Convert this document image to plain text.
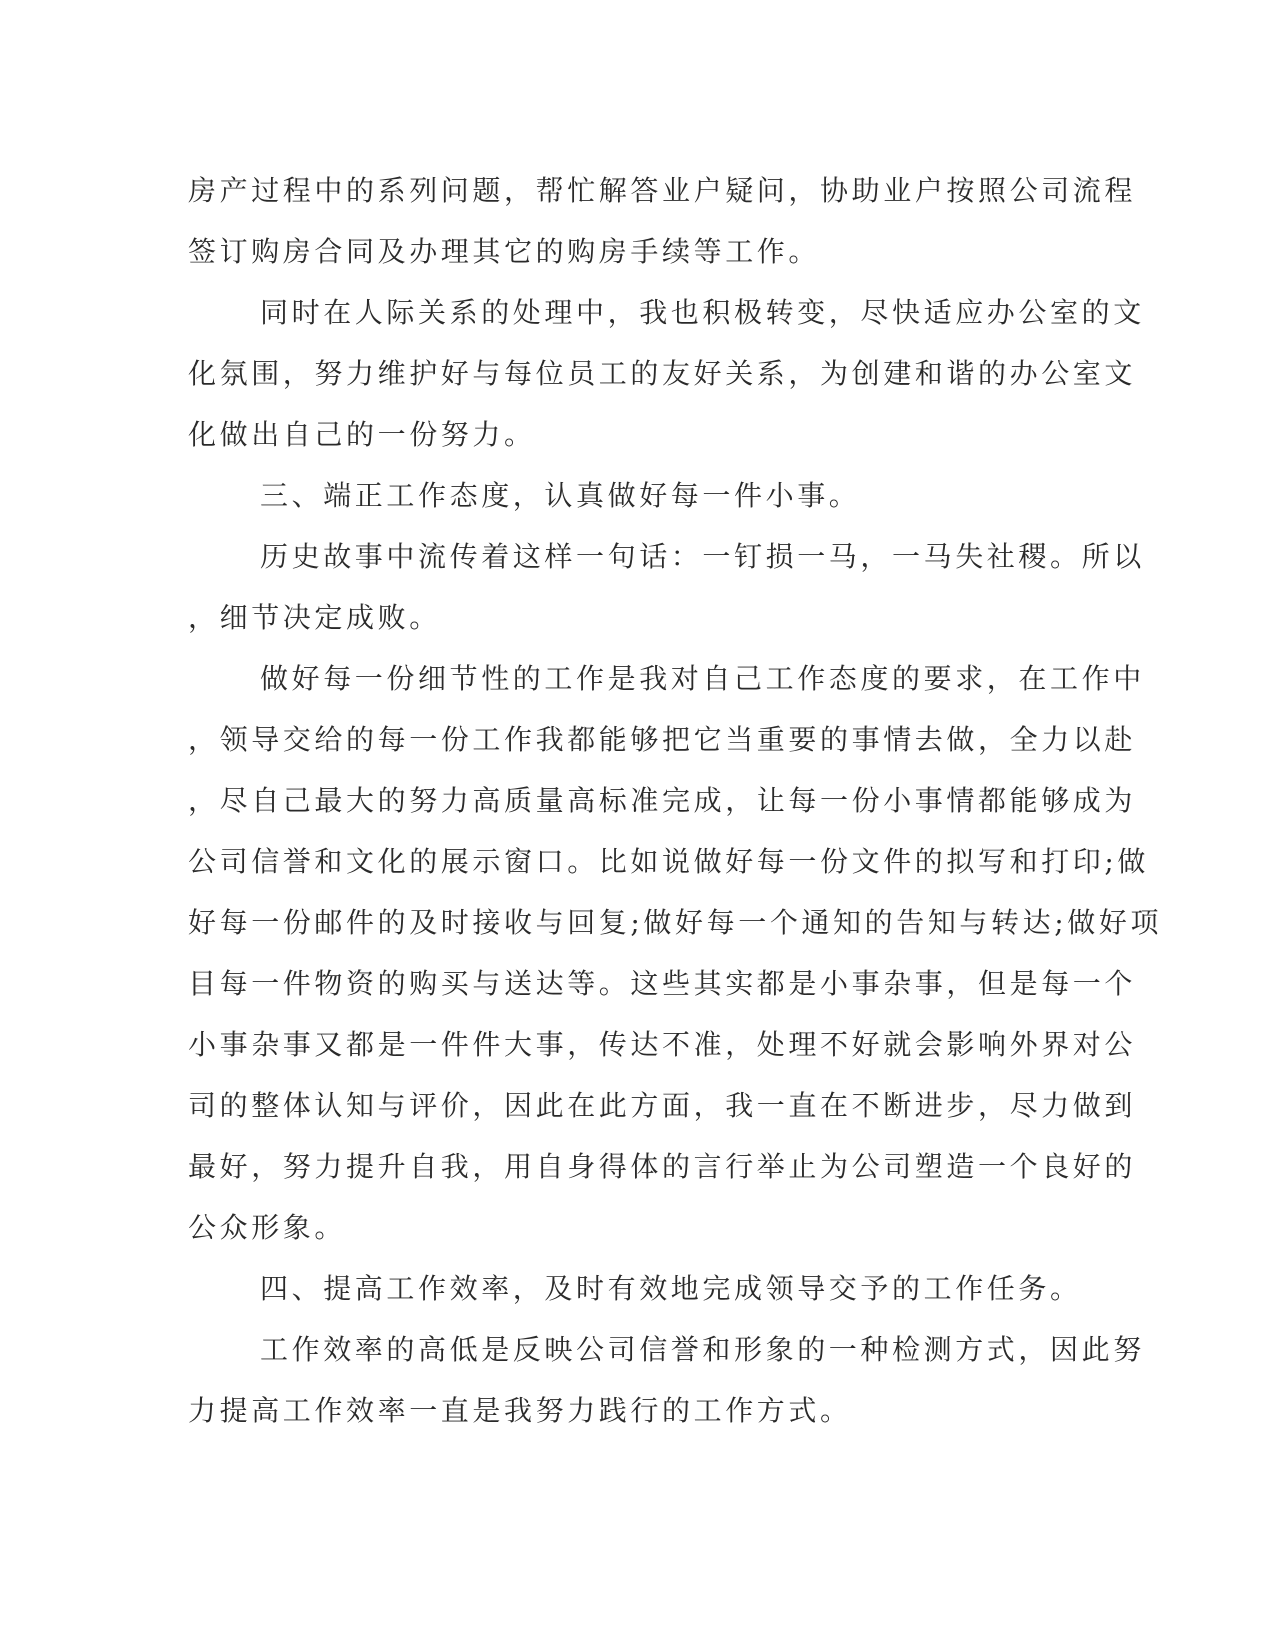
房产过程中的系列问题，帮忙解答业户疑问，协助业户按照公司流程
签订购房合同及办理其它的购房手续等工作。
同时在人际关系的处理中，我也积极转变，尽快适应办公室的文
化氛围，努力维护好与每位员工的友好关系，为创建和谐的办公室文
化做出自己的一份努力。
三、端正工作态度，认真做好每一件小事。
历史故事中流传着这样一句话：一钉损一马，一马失社稷。所以
，细节决定成败。
做好每一份细节性的工作是我对自己工作态度的要求，在工作中
，领导交给的每一份工作我都能够把它当重要的事情去做，全力以赴
，尽自己最大的努力高质量高标准完成，让每一份小事情都能够成为
公司信誉和文化的展示窗口。比如说做好每一份文件的拟写和打印;做
好每一份邮件的及时接收与回复;做好每一个通知的告知与转达;做好项
目每一件物资的购买与送达等。这些其实都是小事杂事，但是每一个
小事杂事又都是一件件大事，传达不准，处理不好就会影响外界对公
司的整体认知与评价，因此在此方面，我一直在不断进步，尽力做到
最好，努力提升自我，用自身得体的言行举止为公司塑造一个良好的
公众形象。
四、提高工作效率，及时有效地完成领导交予的工作任务。
工作效率的高低是反映公司信誉和形象的一种检测方式，因此努
力提高工作效率一直是我努力践行的工作方式。
